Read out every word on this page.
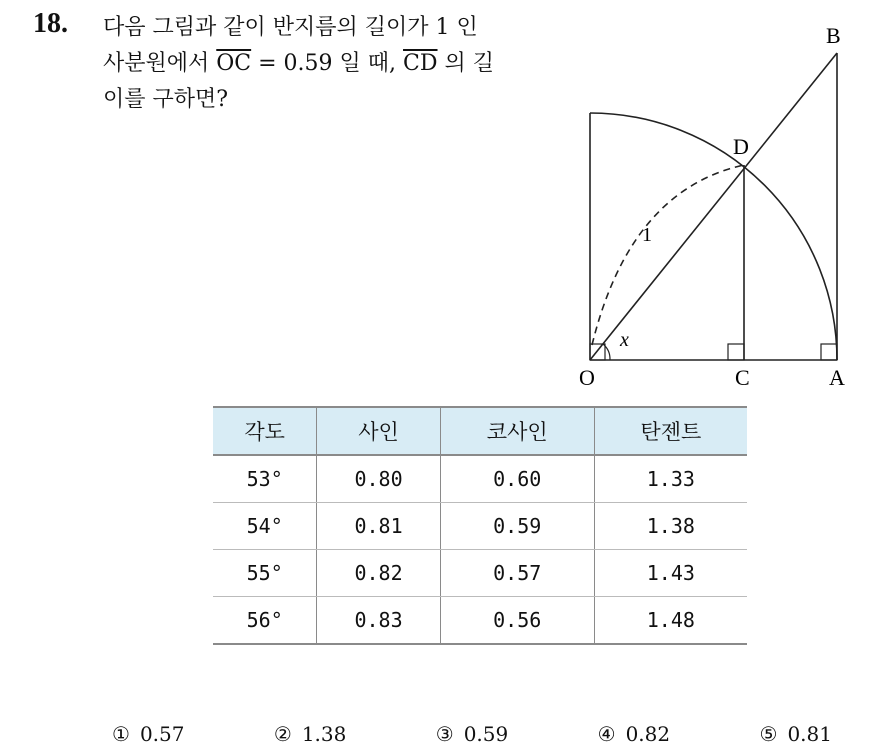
18. 다음 그림과 같이 반지름의 길이가 1 인
사분원에서 $\overline{OC} = 0.59$ 일 때, $\overline{CD}$ 의 길
이를 구하면?
B
D
1
x
O	C	A
각도	사인	코사인	탄젠트
53°	0.80	0.60	1.33
54°	0.81	0.59	1.38
55°	0.82	0.57	1.43
56°	0.83	0.56	1.48
① 0.57	② 1.38	③ 0.59	④ 0.82	⑤ 0.81
